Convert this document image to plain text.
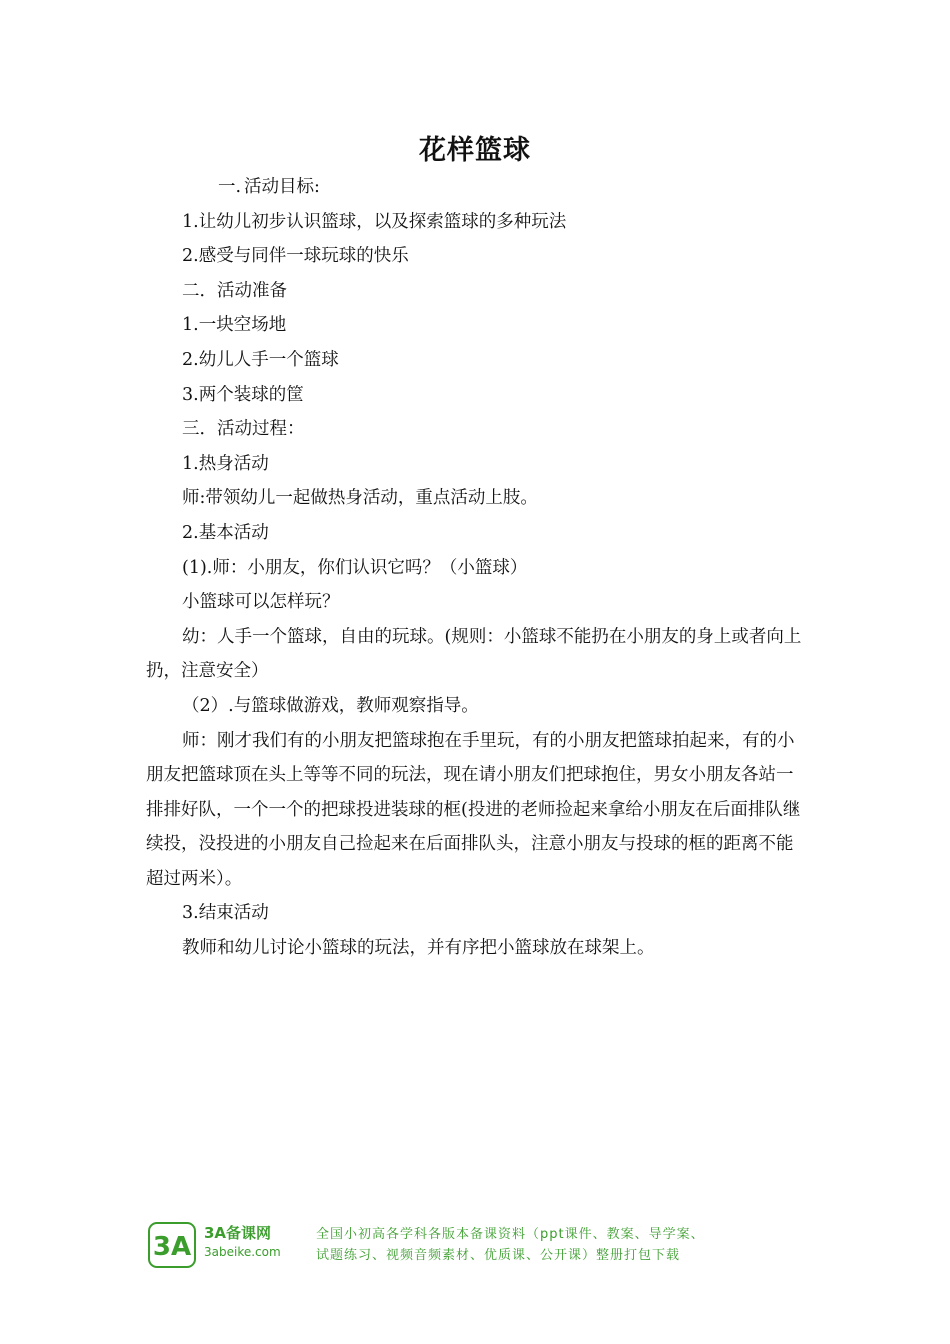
花样篮球

一. 活动目标:

1.让幼儿初步认识篮球，以及探索篮球的多种玩法

2.感受与同伴一球玩球的快乐

二．活动准备

1.一块空场地

2.幼儿人手一个篮球

3.两个装球的筐

三．活动过程：

1.热身活动

师:带领幼儿一起做热身活动，重点活动上肢。

2.基本活动

(1).师：小朋友，你们认识它吗？（小篮球）

小篮球可以怎样玩？

幼：人手一个篮球，自由的玩球。(规则：小篮球不能扔在小朋友的身上或者向上扔，注意安全）

（2）.与篮球做游戏，教师观察指导。

师：刚才我们有的小朋友把篮球抱在手里玩，有的小朋友把篮球拍起来，有的小朋友把篮球顶在头上等等不同的玩法，现在请小朋友们把球抱住，男女小朋友各站一排排好队，一个一个的把球投进装球的框(投进的老师捡起来拿给小朋友在后面排队继续投，没投进的小朋友自己捡起来在后面排队头，注意小朋友与投球的框的距离不能超过两米）。

3.结束活动

教师和幼儿讨论小篮球的玩法，并有序把小篮球放在球架上。

3A 3A备课网
3abeike.com
全国小初高各学科各版本备课资料（ppt课件、教案、导学案、
试题练习、视频音频素材、优质课、公开课）整册打包下载
